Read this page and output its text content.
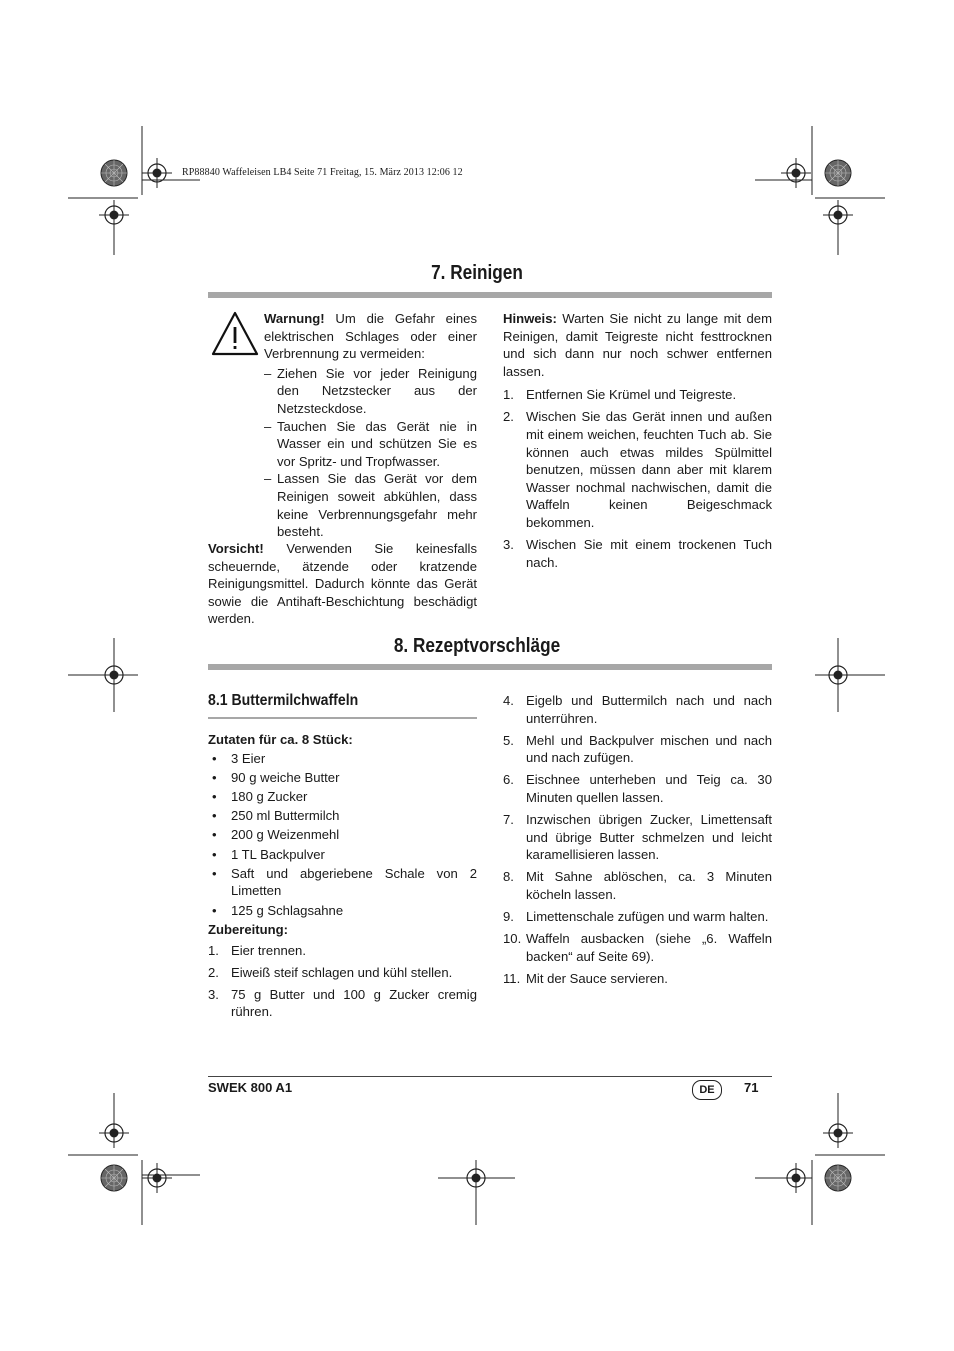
RP88840 Waffeleisen LB4 Seite 71 Freitag, 15. März 2013 12:06 12
7. Reinigen

Warnung! Um die Gefahr eines elektrischen Schlages oder einer Verbrennung zu vermeiden:

– Ziehen Sie vor jeder Reinigung den Netzstecker aus der Netzsteckdose.
– Tauchen Sie das Gerät nie in Wasser ein und schützen Sie es vor Spritz- und Tropfwasser.
– Lassen Sie das Gerät vor dem Reinigen soweit abkühlen, dass keine Verbrennungsgefahr mehr besteht.

Vorsicht! Verwenden Sie keinesfalls scheuernde, ätzende oder kratzende Reinigungsmittel. Dadurch könnte das Gerät sowie die Antihaft-Beschichtung beschädigt werden.

Hinweis: Warten Sie nicht zu lange mit dem Reinigen, damit Teigreste nicht festtrocknen und sich dann nur noch schwer entfernen lassen.

1. Entfernen Sie Krümel und Teigreste.
2. Wischen Sie das Gerät innen und außen mit einem weichen, feuchten Tuch ab. Sie können auch etwas mildes Spülmittel benutzen, müssen dann aber mit klarem Wasser nochmal nachwischen, damit die Waffeln keinen Beigeschmack bekommen.
3. Wischen Sie mit einem trockenen Tuch nach.
8. Rezeptvorschläge
8.1 Buttermilchwaffeln

Zutaten für ca. 8 Stück:

• 3 Eier
• 90 g weiche Butter
• 180 g Zucker
• 250 ml Buttermilch
• 200 g Weizenmehl
• 1 TL Backpulver
• Saft und abgeriebene Schale von 2 Limetten
• 125 g Schlagsahne

Zubereitung:

1. Eier trennen.
2. Eiweiß steif schlagen und kühl stellen.
3. 75 g Butter und 100 g Zucker cremig rühren.
4. Eigelb und Buttermilch nach und nach unterrühren.
5. Mehl und Backpulver mischen und nach und nach zufügen.
6. Eischnee unterheben und Teig ca. 30 Minuten quellen lassen.
7. Inzwischen übrigen Zucker, Limettensaft und übrige Butter schmelzen und leicht karamellisieren lassen.
8. Mit Sahne ablöschen, ca. 3 Minuten köcheln lassen.
9. Limettenschale zufügen und warm halten.
10. Waffeln ausbacken (siehe „6. Waffeln backen“ auf Seite 69).
11. Mit der Sauce servieren.
SWEK 800 A1	DE	71
